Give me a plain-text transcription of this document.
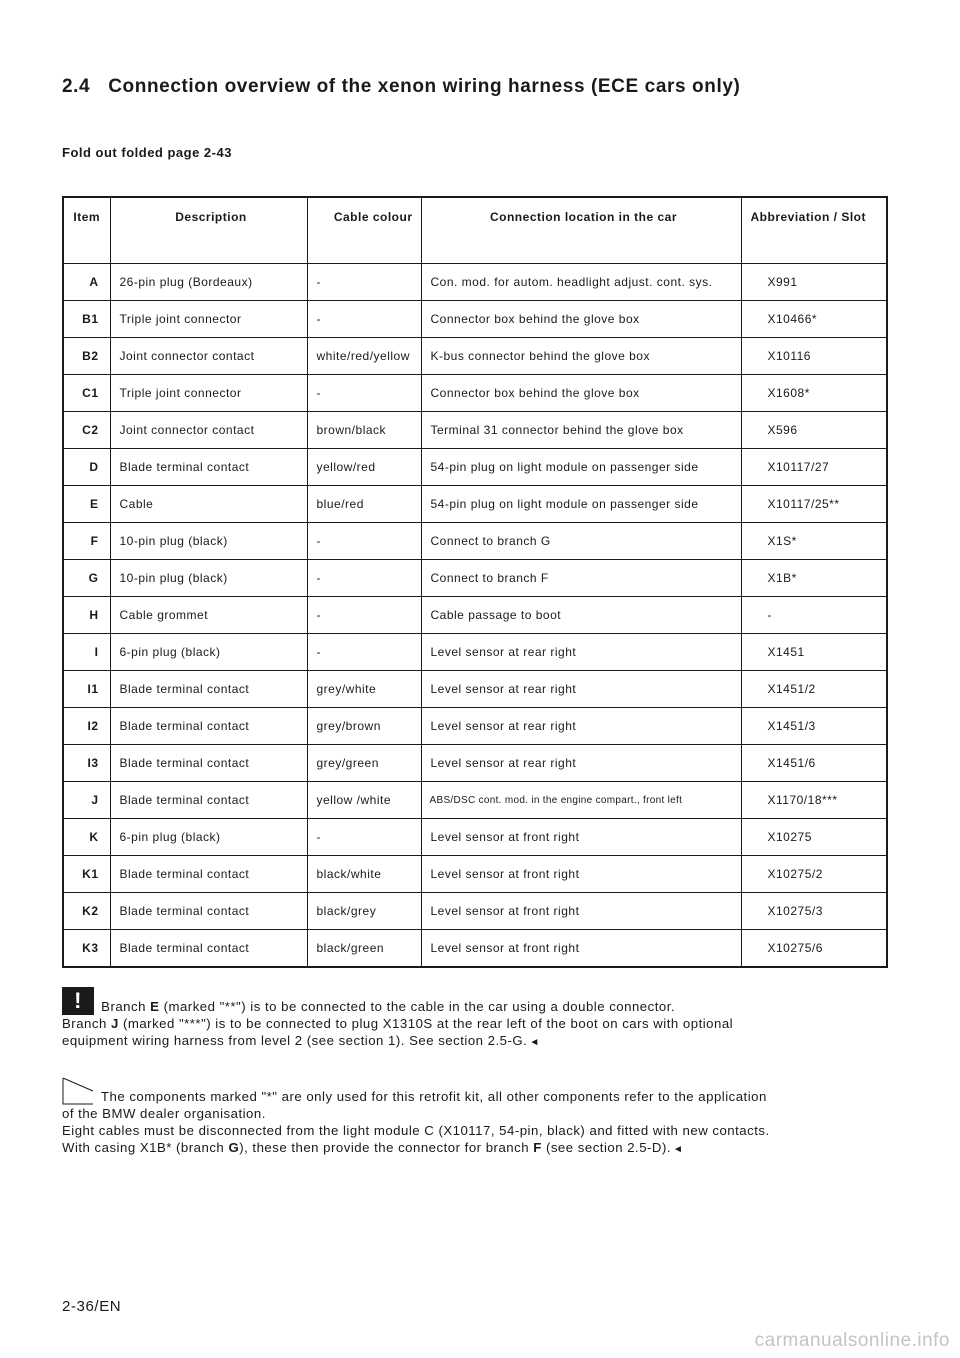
2.4 Connection overview of the xenon wiring harness (ECE cars only)
Fold out folded page 2-43
Item	Description	Cable colour	Connection location in the car	Abbreviation / Slot
A	26-pin plug (Bordeaux)	-	Con. mod. for autom. headlight adjust. cont. sys.	X991
B1	Triple joint connector	-	Connector box behind the glove box	X10466*
B2	Joint connector contact	white/red/yellow	K-bus connector behind the glove box	X10116
C1	Triple joint connector	-	Connector box behind the glove box	X1608*
C2	Joint connector contact	brown/black	Terminal 31 connector behind the glove box	X596
D	Blade terminal contact	yellow/red	54-pin plug on light module on passenger side	X10117/27
E	Cable	blue/red	54-pin plug on light module on passenger side	X10117/25**
F	10-pin plug (black)	-	Connect to branch G	X1S*
G	10-pin plug (black)	-	Connect to branch F	X1B*
H	Cable grommet	-	Cable passage to boot	-
I	6-pin plug (black)	-	Level sensor at rear right	X1451
I1	Blade terminal contact	grey/white	Level sensor at rear right	X1451/2
I2	Blade terminal contact	grey/brown	Level sensor at rear right	X1451/3
I3	Blade terminal contact	grey/green	Level sensor at rear right	X1451/6
J	Blade terminal contact	yellow /white	ABS/DSC cont. mod. in the engine compart., front left	X1170/18***
K	6-pin plug (black)	-	Level sensor at front right	X10275
K1	Blade terminal contact	black/white	Level sensor at front right	X10275/2
K2	Blade terminal contact	black/grey	Level sensor at front right	X10275/3
K3	Blade terminal contact	black/green	Level sensor at front right	X10275/6

! Branch E (marked "**") is to be connected to the cable in the car using a double connector.

Branch J (marked "***") is to be connected to plug X1310S at the rear left of the boot on cars with optional

equipment wiring harness from level 2 (see section 1). See section 2.5-G. ◄

The components marked "*" are only used for this retrofit kit, all other components refer to the application

of the BMW dealer organisation.

Eight cables must be disconnected from the light module C (X10117, 54-pin, black) and fitted with new contacts.

With casing X1B* (branch G), these then provide the connector for branch F (see section 2.5-D). ◄

2-36/EN
carmanualsonline.info
